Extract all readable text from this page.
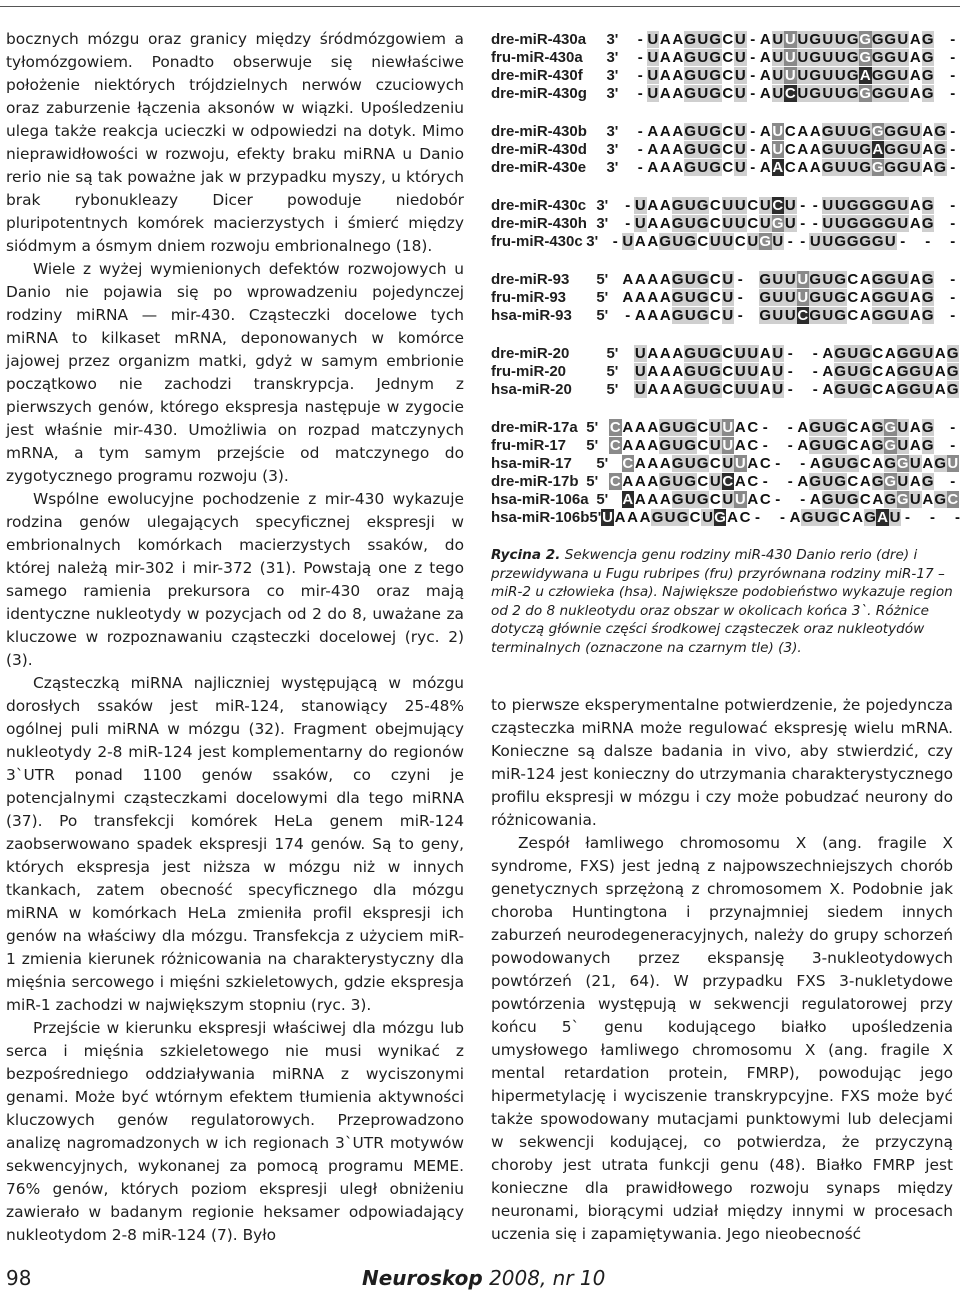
bocznych mózgu oraz granicy między śródmózgowiem a tyłomózgowiem. Ponadto obserwuje się niewłaściwe położenie niektórych trójdzielnych nerwów czuciowych oraz zaburzenie łączenia aksonów w wiązki. Upośledzeniu ulega także reakcja ucieczki w odpowiedzi na dotyk. Mimo nieprawidłowości w rozwoju, efekty braku miRNA u Danio rerio nie są tak poważne jak w przypadku myszy, u których brak rybonukleazy Dicer powoduje niedobór pluripotentnych komórek macierzystych i śmierć między siódmym a ósmym dniem rozwoju embrionalnego (18).

Wiele z wyżej wymienionych defektów rozwojowych u Danio nie pojawia się po wprowadzeniu pojedynczej rodziny miRNA — mir-430. Cząsteczki docelowe tych miRNA to kilkaset mRNA, deponowanych w komórce jajowej przez organizm matki, gdyż w samym embrionie początkowo nie zachodzi transkrypcja. Jednym z pierwszych genów, którego ekspresja następuje w zygocie jest właśnie mir-430. Umożliwia on rozpad matczynych mRNA, a tym samym przejście od matczynego do zygotycznego programu rozwoju (3).

Wspólne ewolucyjne pochodzenie z mir-430 wykazuje rodzina genów ulegających specyficznej ekspresji w embrionalnych komórkach macierzystych ssaków, do której należą mir-302 i mir-372 (31). Powstają one z tego samego ramienia prekursora co mir-430 oraz mają identyczne nukleotydy w pozycjach od 2 do 8, uważane za kluczowe w rozpoznawaniu cząsteczki docelowej (ryc. 2) (3).

Cząsteczką miRNA najliczniej występującą w mózgu dorosłych ssaków jest miR-124, stanowiący 25-48% ogólnej puli miRNA w mózgu (32). Fragment obejmujący nukleotydy 2-8 miR-124 jest komplementarny do regionów 3`UTR ponad 1100 genów ssaków, co czyni je potencjalnymi cząsteczkami docelowymi dla tego miRNA (37). Po transfekcji komórek HeLa genem miR-124 zaobserwowano spadek ekspresji 174 genów. Są to geny, których ekspresja jest niższa w mózgu niż w innych tkankach, zatem obecność specyficznego dla mózgu miRNA w komórkach HeLa zmieniła profil ekspresji ich genów na właściwy dla mózgu. Transfekcja z użyciem miR-1 zmienia kierunek różnicowania na charakterystyczny dla mięśnia sercowego i mięśni szkieletowych, gdzie ekspresja miR-1 zachodzi w największym stopniu (ryc. 3).

Przejście w kierunku ekspresji właściwej dla mózgu lub serca i mięśnia szkieletowego nie musi wynikać z bezpośredniego oddziaływania miRNA z wyciszonymi genami. Może być wtórnym efektem tłumienia aktywności kluczowych genów regulatorowych. Przeprowadzono analizę nagromadzonych w ich regionach 3`UTR motywów sekwencyjnych, wykonanej za pomocą programu MEME. 76% genów, których poziom ekspresji uległ obniżeniu zawierało w badanym regionie heksamer odpowiadający nukleotydom 2-8 miR-124 (7). Było

dre-miR-430a	3'	- U A A G U G C U - A U U U G U U G G G G U A G -
fru-miR-430a	3'	- U A A G U G C U - A U U U G U U G G G G U A G -
dre-miR-430f	3'	- U A A G U G C U - A U U U G U U G A G G U A G -
dre-miR-430g	3'	- U A A G U G C U - A U C U G U U G G G G U A G -
dre-miR-430b	3'	- A A A G U G C U - A U C A A G U U G G G G U A G -
dre-miR-430d	3'	- A A A G U G C U - A U C A A G U U G A G G U A G -
dre-miR-430e	3'	- A A A G U G C U - A A C A A G U U G G G G U A G -
dre-miR-430c 3'	- U A A G U G C U U C U C U - - U U G G G G U A G -
dre-miR-430h 3'	- U A A G U G C U U C U G U - - U U G G G G U A G -
fru-miR-430c 3' - U A A G U G C U U C U G U - - U U G G G G U - - -
dre-miR-93	5' A A A A G U G C U - G U U U G U G C A G G U A G -
fru-miR-93	5' A A A A G U G C U - G U U U G U G C A G G U A G -
hsa-miR-93	5'	- A A A G U G C U - G U U C G U G C A G G U A G -
dre-miR-20	5'	U A A A G U G C U U A U - - A G U G C A G G U A G
fru-miR-20	5'	U A A A G U G C U U A U - - A G U G C A G G U A G
hsa-miR-20	5'	U A A A G U G C U U A U - - A G U G C A G G U A G
dre-miR-17a 5' C A A A G U G C U U A C - - A G U G C A G G U A G -
fru-miR-17	5' C A A A G U G C U U A C - - A G U G C A G G U A G -
hsa-miR-17	5' C A A A G U G C U U A C - - A G U G C A G G U A G U
dre-miR-17b 5' C A A A G U G C U C A C - - A G U G C A G G U A G -
hsa-miR-106a 5' A A A A G U G C U U A C - - A G U G C A G G U A G C
hsa-miR-106b 5' U A A A G U G C U G A C - - A G U G C A G A U - - -
Rycina 2. Sekwencja genu rodziny miR-430 Danio rerio (dre) i przewidywana u Fugu rubripes (fru) przyrównana rodziny miR-17 – miR-2 u człowieka (hsa). Największe podobieństwo wykazuje region od 2 do 8 nukleotydu oraz obszar w okolicach końca 3`. Różnice dotyczą głównie części środkowej cząsteczek oraz nukleotydów terminalnych (oznaczone na czarnym tle) (3).

to pierwsze eksperymentalne potwierdzenie, że pojedyncza cząsteczka miRNA może regulować ekspresję wielu mRNA. Konieczne są dalsze badania in vivo, aby stwierdzić, czy miR-124 jest konieczny do utrzymania charakterystycznego profilu ekspresji w mózgu i czy może pobudzać neurony do różnicowania.

Zespół łamliwego chromosomu X (ang. fragile X syndrome, FXS) jest jedną z najpowszechniejszych chorób genetycznych sprzężoną z chromosomem X. Podobnie jak choroba Huntingtona i przynajmniej siedem innych zaburzeń neurodegeneracyjnych, należy do grupy schorzeń powodowanych przez ekspansję 3-nukleotydowych powtórzeń (21, 64). W przypadku FXS 3-nukletydowe powtórzenia występują w sekwencji regulatorowej przy końcu 5` genu kodującego białko upośledzenia umysłowego łamliwego chromosomu X (ang. fragile X mental retardation protein, FMRP), powodując jego hipermetylację i wyciszenie transkrypcyjne. FXS może być także spowodowany mutacjami punktowymi lub delecjami w sekwencji kodującej, co potwierdza, że przyczyną choroby jest utrata funkcji genu (48). Białko FMRP jest konieczne dla prawidłowego rozwoju synaps między neuronami, biorącymi udział między innymi w procesach uczenia się i zapamiętywania. Jego nieobecność

98	Neuroskop 2008, nr 10
